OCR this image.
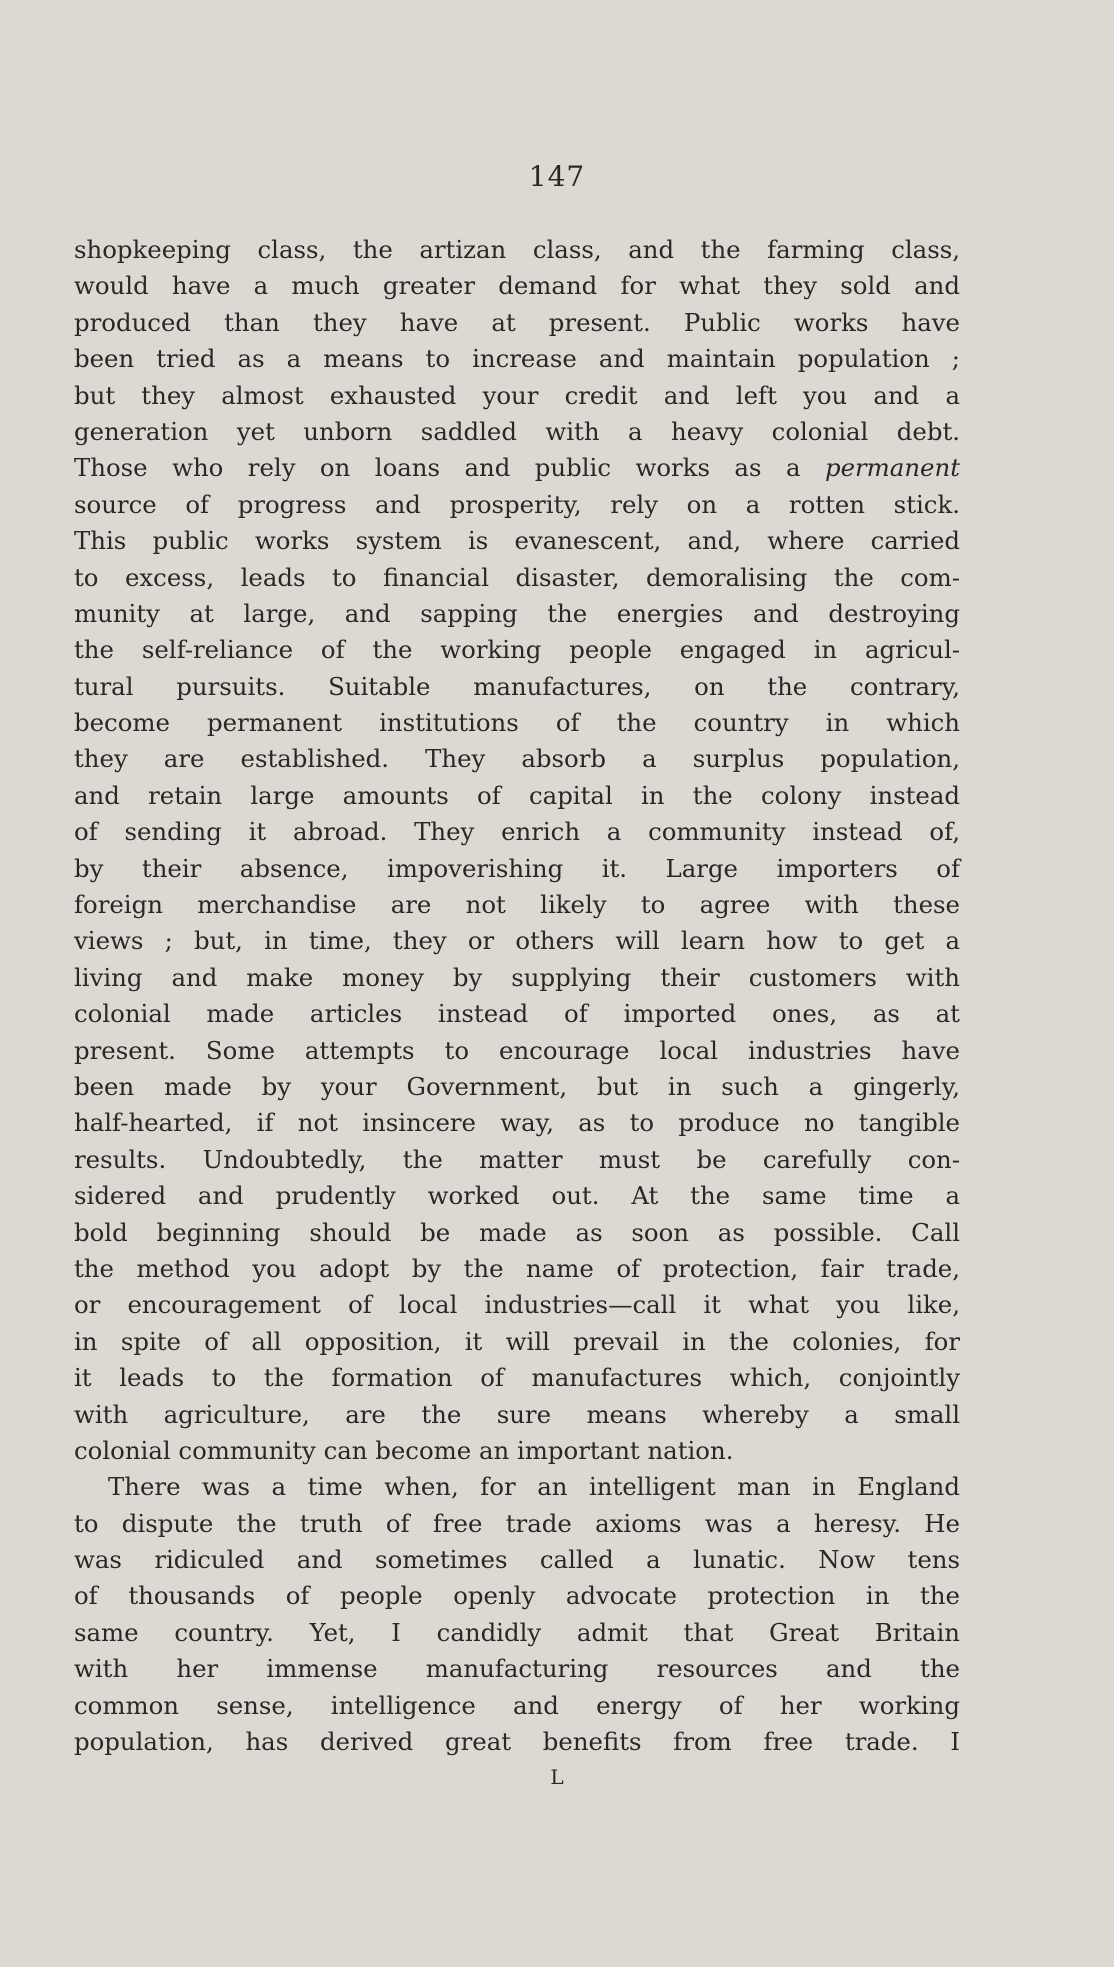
147
shopkeeping class, the artizan class, and the farming class,
would have a much greater demand for what they sold and
produced than they have at present. Public works have
been tried as a means to increase and maintain population ;
but they almost exhausted your credit and left you and a
generation yet unborn saddled with a heavy colonial debt.
Those who rely on loans and public works as a permanent
source of progress and prosperity, rely on a rotten stick.
This public works system is evanescent, and, where carried
to excess, leads to financial disaster, demoralising the com-
munity at large, and sapping the energies and destroying
the self-reliance of the working people engaged in agricul-
tural pursuits. Suitable manufactures, on the contrary,
become permanent institutions of the country in which
they are established. They absorb a surplus population,
and retain large amounts of capital in the colony instead
of sending it abroad. They enrich a community instead of,
by their absence, impoverishing it. Large importers of
foreign merchandise are not likely to agree with these
views ; but, in time, they or others will learn how to get a
living and make money by supplying their customers with
colonial made articles instead of imported ones, as at
present. Some attempts to encourage local industries have
been made by your Government, but in such a gingerly,
half-hearted, if not insincere way, as to produce no tangible
results. Undoubtedly, the matter must be carefully con-
sidered and prudently worked out. At the same time a
bold beginning should be made as soon as possible. Call
the method you adopt by the name of protection, fair trade,
or encouragement of local industries—call it what you like,
in spite of all opposition, it will prevail in the colonies, for
it leads to the formation of manufactures which, conjointly
with agriculture, are the sure means whereby a small
colonial community can become an important nation.
There was a time when, for an intelligent man in England
to dispute the truth of free trade axioms was a heresy. He
was ridiculed and sometimes called a lunatic. Now tens
of thousands of people openly advocate protection in the
same country. Yet, I candidly admit that Great Britain
with her immense manufacturing resources and the
common sense, intelligence and energy of her working
population, has derived great benefits from free trade. I
L
